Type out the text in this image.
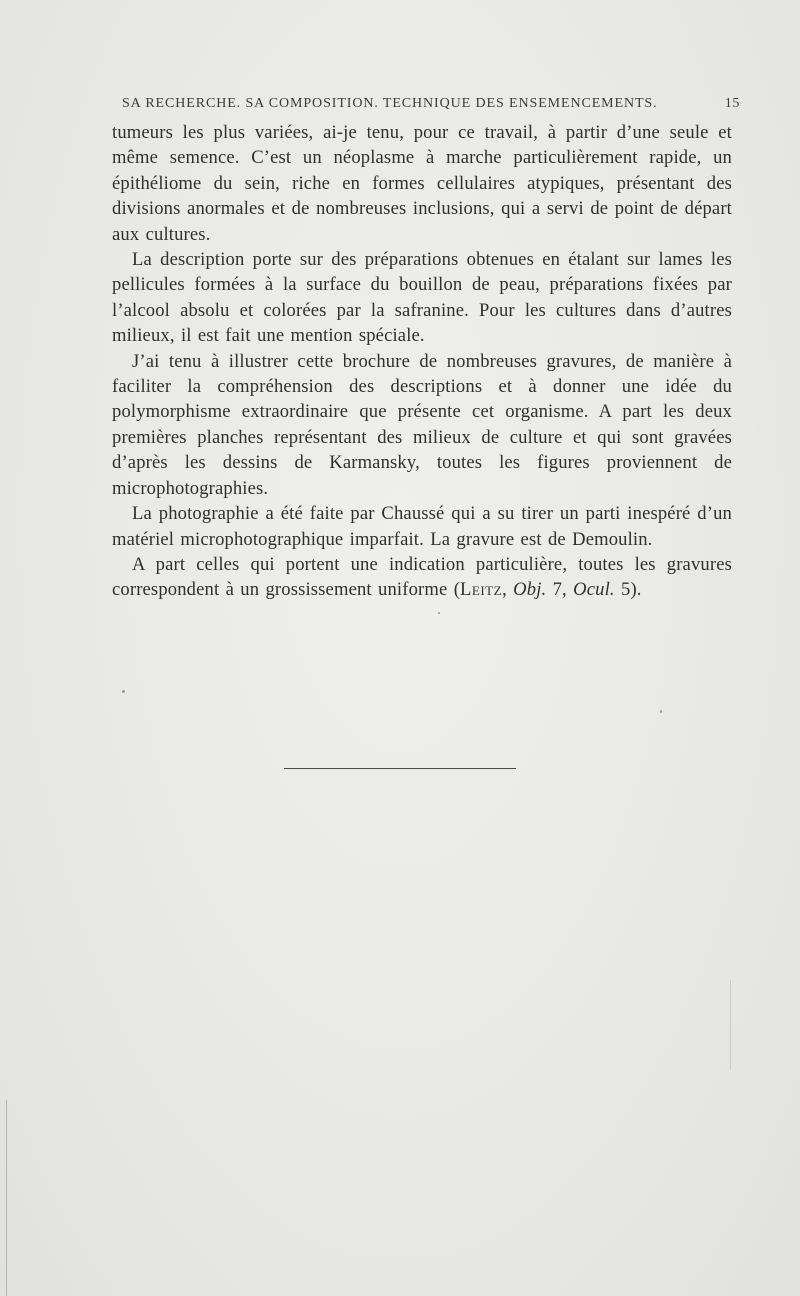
SA RECHERCHE. SA COMPOSITION. TECHNIQUE DES ENSEMENCEMENTS.	15

tumeurs les plus variées, ai-je tenu, pour ce travail, à partir d’une seule et même semence. C’est un néoplasme à marche particulièrement rapide, un épithéliome du sein, riche en formes cellulaires atypiques, présentant des divisions anormales et de nombreuses inclusions, qui a servi de point de départ aux cultures.

La description porte sur des préparations obtenues en étalant sur lames les pellicules formées à la surface du bouillon de peau, préparations fixées par l’alcool absolu et colorées par la safranine. Pour les cultures dans d’autres milieux, il est fait une mention spéciale.

J’ai tenu à illustrer cette brochure de nombreuses gravures, de manière à faciliter la compréhension des descriptions et à donner une idée du polymorphisme extraordinaire que présente cet organisme. A part les deux premières planches représentant des milieux de culture et qui sont gravées d’après les dessins de Karmansky, toutes les figures proviennent de microphotographies.

La photographie a été faite par Chaussé qui a su tirer un parti inespéré d’un matériel microphotographique imparfait. La gravure est de Demoulin.

A part celles qui portent une indication particulière, toutes les gravures correspondent à un grossissement uniforme (Leitz, Obj. 7, Ocul. 5).
